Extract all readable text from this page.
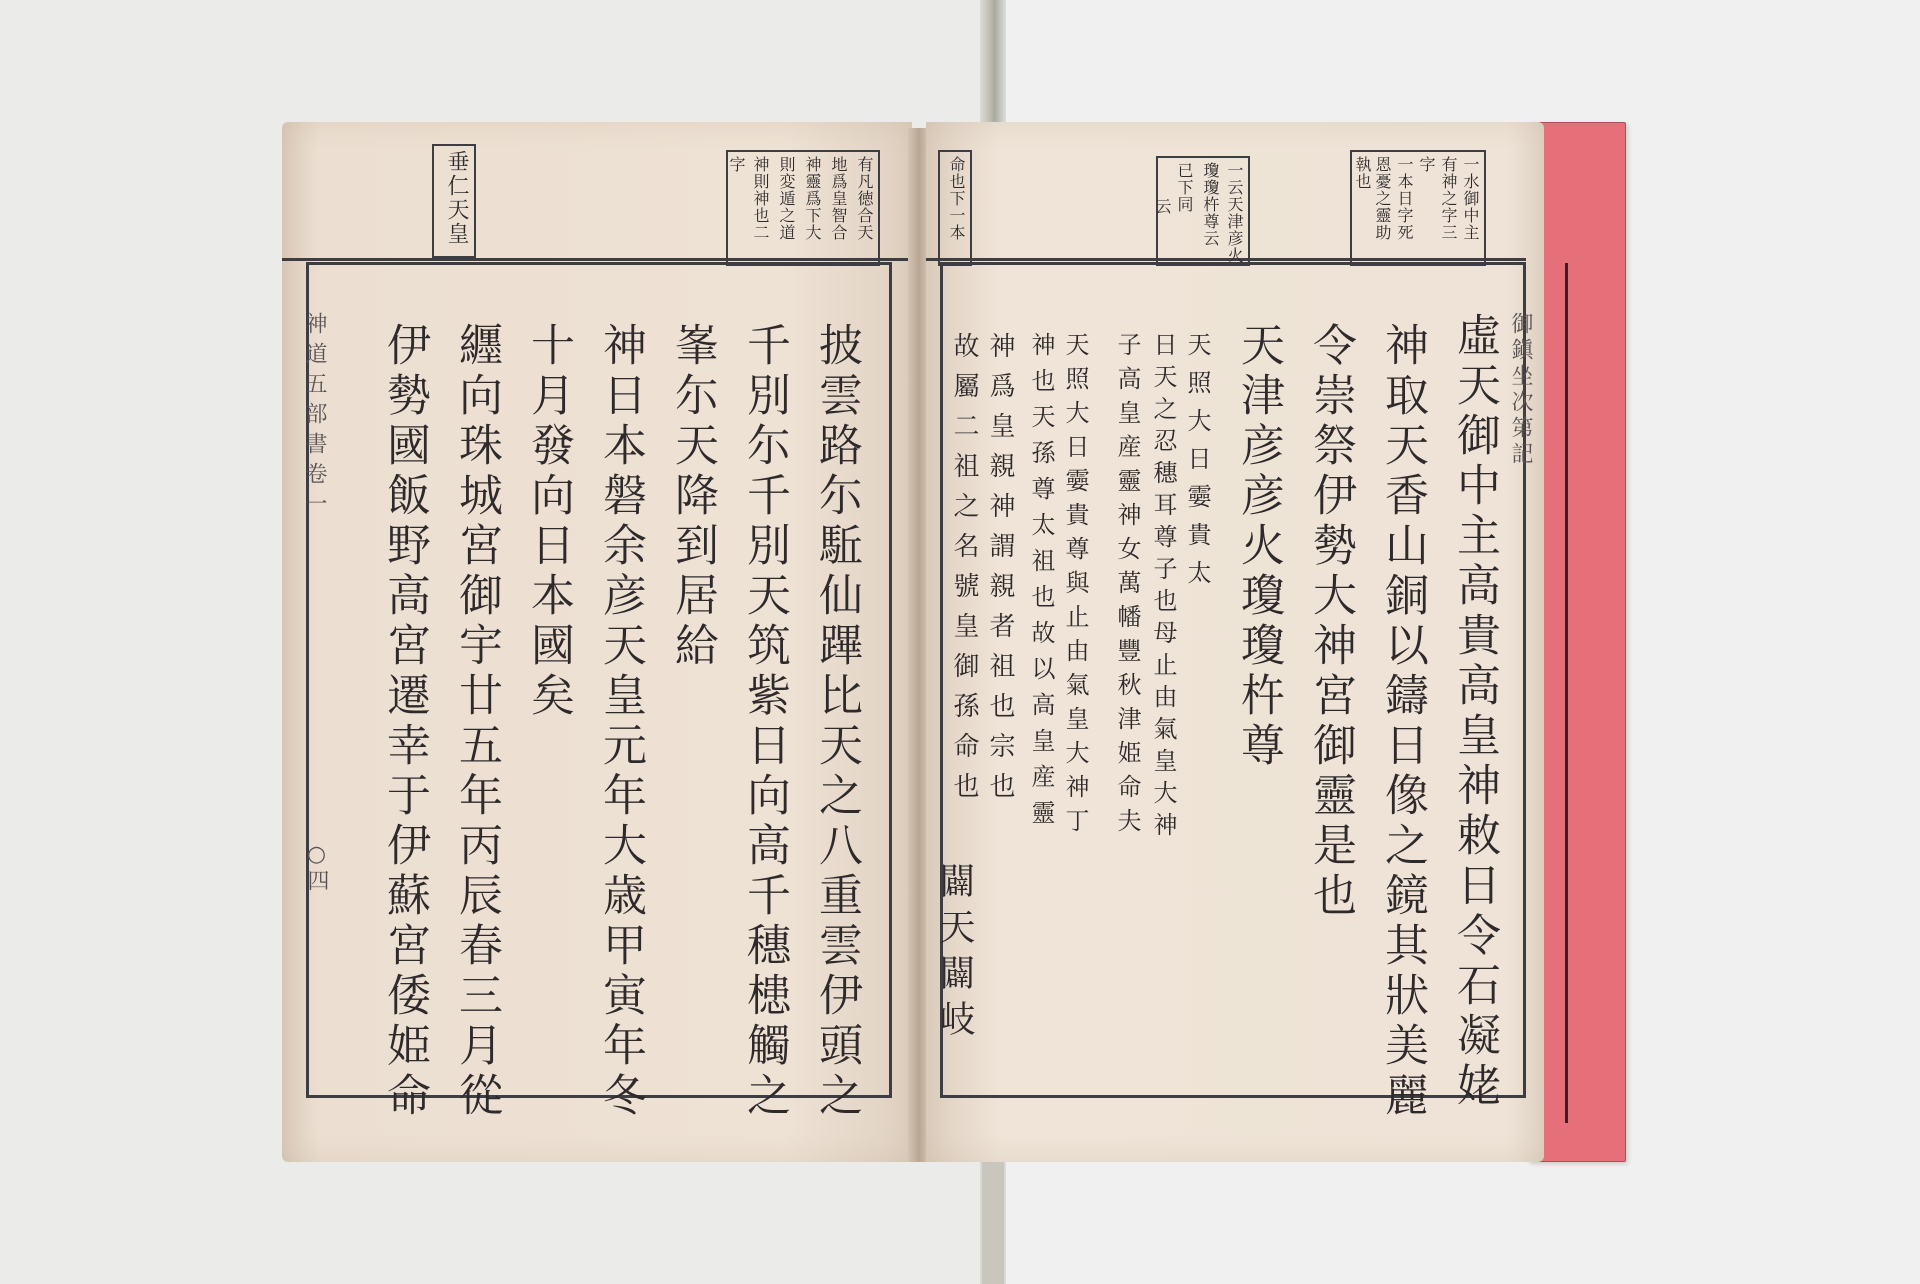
垂仁天皇	有凡徳合天
地爲皇智合
神靈爲下大
則変遁之道
神則神也二
字
神道五部書卷一
○四	披雲路尓駈仙蹕比天之八重雲伊頭之
千別尓千別天筑紫日向高千穗槵觸之
峯尓天降到居給
神日本磐余彦天皇元年大歳甲寅年冬
十月發向日本國矣
纒向珠城宮御宇廿五年丙辰春三月從
伊勢國飯野高宮遷幸于伊蘇宮倭姫命
命也下一本	一云天津彦火
瓊瓊杵尊云
已下同
云	一水御中主
有神之字三
字
一本日字死
恩憂之靈助
執也
御鎭坐次第記
虛天御中主高貴高皇神敕日令石凝姥
神取天香山銅以鑄日像之鏡其狀美麗
令崇祭伊勢大神宮御靈是也
天津彦彦火瓊瓊杵尊
天照大日孁貴太
日天之忍穗耳尊子也母止由氣皇大神
子高皇産靈神女萬幡豐秋津姫命夫
天照大日孁貴尊與止由氣皇大神丁
神也天孫尊太祖也故以高皇産靈
神爲皇親神謂親者祖也宗也
故屬二祖之名號皇御孫命也
闢天闢岐
